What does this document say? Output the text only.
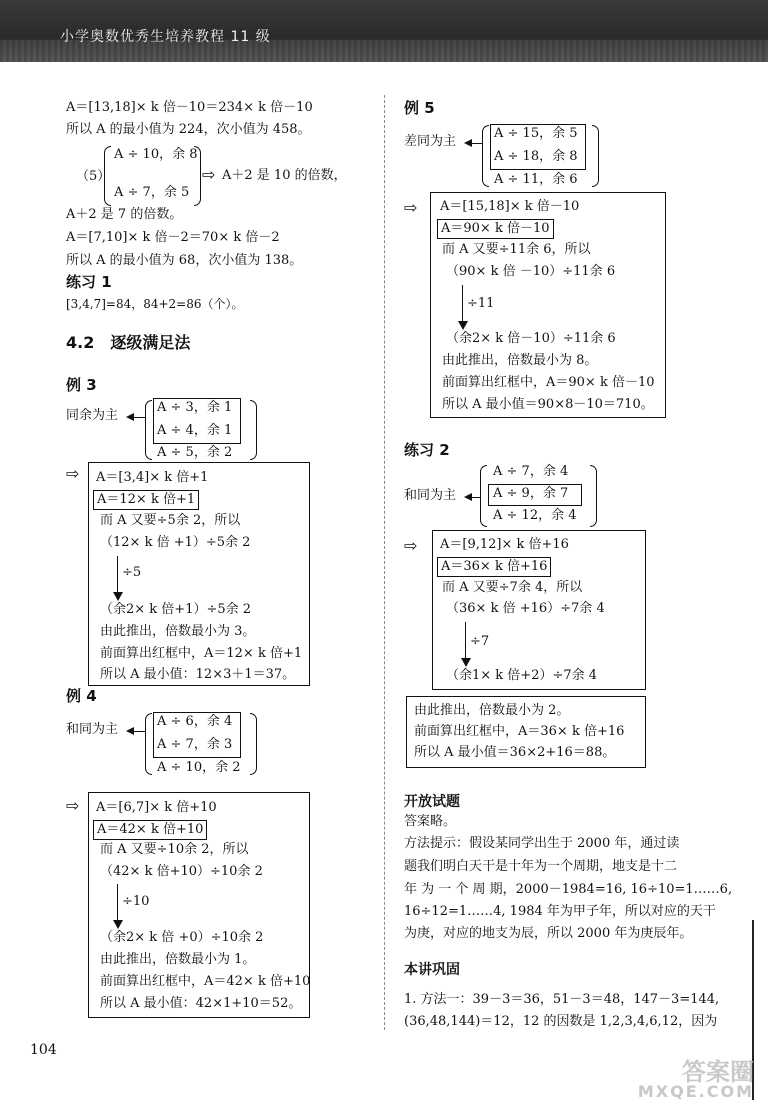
小学奥数优秀生培养教程 11 级
A＝[13,18]× k 倍－10＝234× k 倍－10
所以 A 的最小值为 224，次小值为 458。
（5）
A ÷ 10，余 8
A ÷ 7，余 5
⇨ A＋2 是 10 的倍数，
A＋2 是 7 的倍数。
A＝[7,10]× k 倍－2＝70× k 倍－2
所以 A 的最小值为 68，次小值为 138。
练习 1
[3,4,7]=84，84+2=86（个）。
4.2　逐级满足法
例 3
同余为主
A ÷ 3，余 1
A ÷ 4，余 1
A ÷ 5，余 2
⇨ A＝[3,4]× k 倍+1
A＝12× k 倍+1
而 A 又要÷5余 2，所以
（12× k 倍 +1）÷5余 2
÷5
（余2× k 倍+1）÷5余 2
由此推出，倍数最小为 3。
前面算出红框中，A＝12× k 倍+1
所以 A 最小值：12×3＋1＝37。
例 4
和同为主
A ÷ 6，余 4
A ÷ 7，余 3
A ÷ 10，余 2
⇨ A＝[6,7]× k 倍+10
A＝42× k 倍+10
而 A 又要÷10余 2，所以
（42× k 倍+10）÷10余 2
÷10
（余2× k 倍 +0）÷10余 2
由此推出，倍数最小为 1。
前面算出红框中，A＝42× k 倍+10
所以 A 最小值：42×1+10＝52。
例 5
差同为主
A ÷ 15，余 5
A ÷ 18，余 8
A ÷ 11，余 6
⇨ A＝[15,18]× k 倍－10
A＝90× k 倍－10
而 A 又要÷11余 6，所以
（90× k 倍 －10）÷11余 6
÷11
（余2× k 倍－10）÷11余 6
由此推出，倍数最小为 8。
前面算出红框中，A＝90× k 倍－10
所以 A 最小值＝90×8－10＝710。
练习 2
和同为主
A ÷ 7，余 4
A ÷ 9，余 7
A ÷ 12，余 4
⇨ A＝[9,12]× k 倍+16
A＝36× k 倍+16
而 A 又要÷7余 4，所以
（36× k 倍 +16）÷7余 4
÷7
（余1× k 倍+2）÷7余 4
由此推出，倍数最小为 2。
前面算出红框中，A＝36× k 倍+16
所以 A 最小值＝36×2+16＝88。
开放试题
答案略。
方法提示：假设某同学出生于 2000 年，通过读
题我们明白天干是十年为一个周期，地支是十二
年 为 一 个 周 期，2000－1984=16, 16÷10=1……6,
16÷12=1……4, 1984 年为甲子年，所以对应的天干
为庚，对应的地支为辰，所以 2000 年为庚辰年。
本讲巩固
1. 方法一：39－3＝36，51－3＝48，147－3=144,
(36,48,144)＝12，12 的因数是 1,2,3,4,6,12，因为
104
答案圈
MXQE.COM
